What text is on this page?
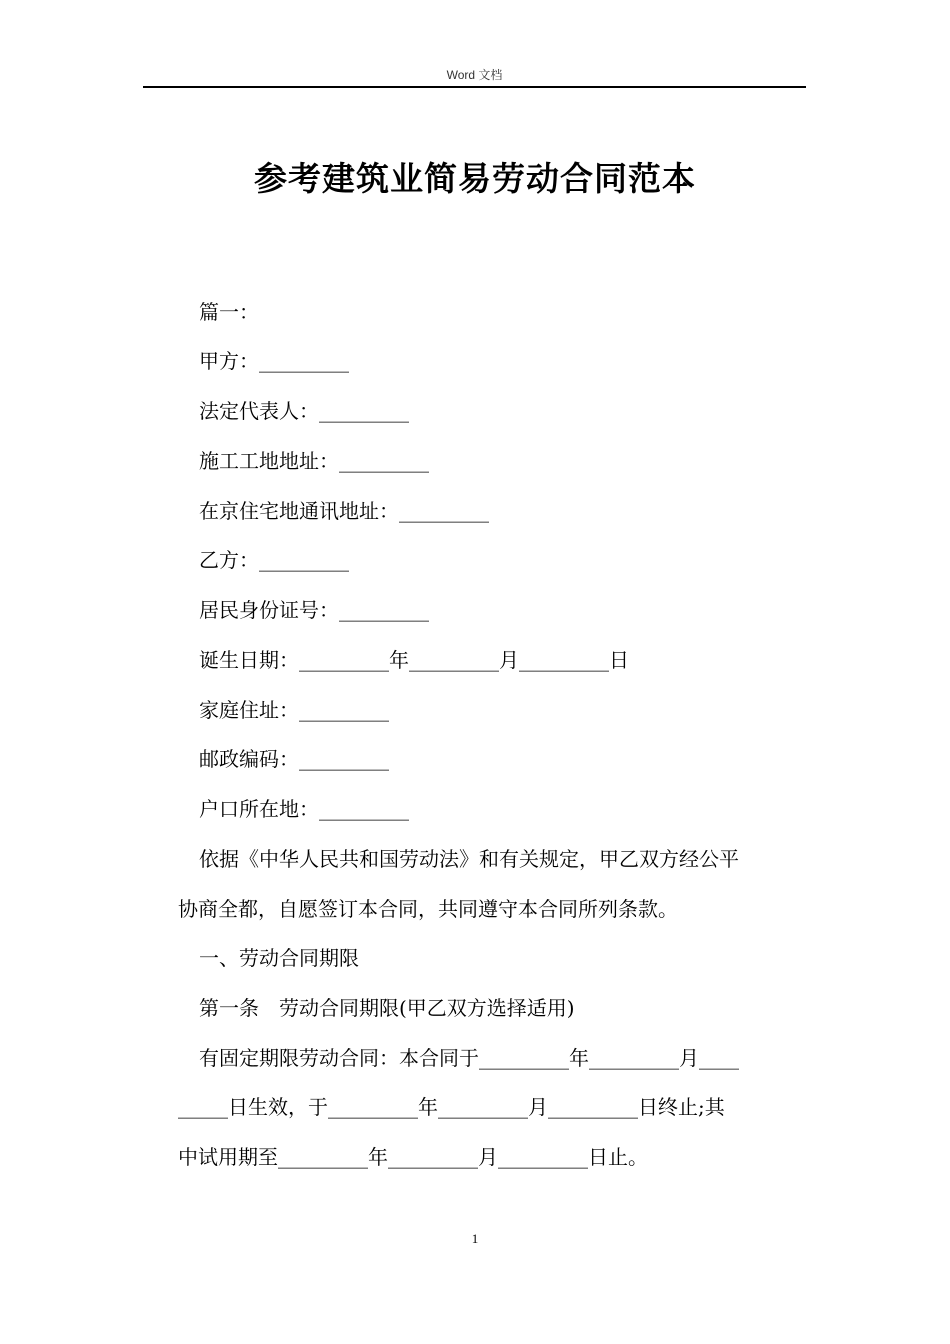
Word 文档
参考建筑业简易劳动合同范本
篇一：
甲方：_________
法定代表人：_________
施工工地地址：_________
在京住宅地通讯地址：_________
乙方：_________
居民身份证号：_________
诞生日期：_________年_________月_________日
家庭住址：_________
邮政编码：_________
户口所在地：_________
依据《中华人民共和国劳动法》和有关规定，甲乙双方经公平
协商全都，自愿签订本合同，共同遵守本合同所列条款。
一、劳动合同期限
第一条　劳动合同期限(甲乙双方选择适用)
有固定期限劳动合同：本合同于_________年_________月____
_____日生效，于_________年_________月_________日终止;其
中试用期至_________年_________月_________日止。
1
